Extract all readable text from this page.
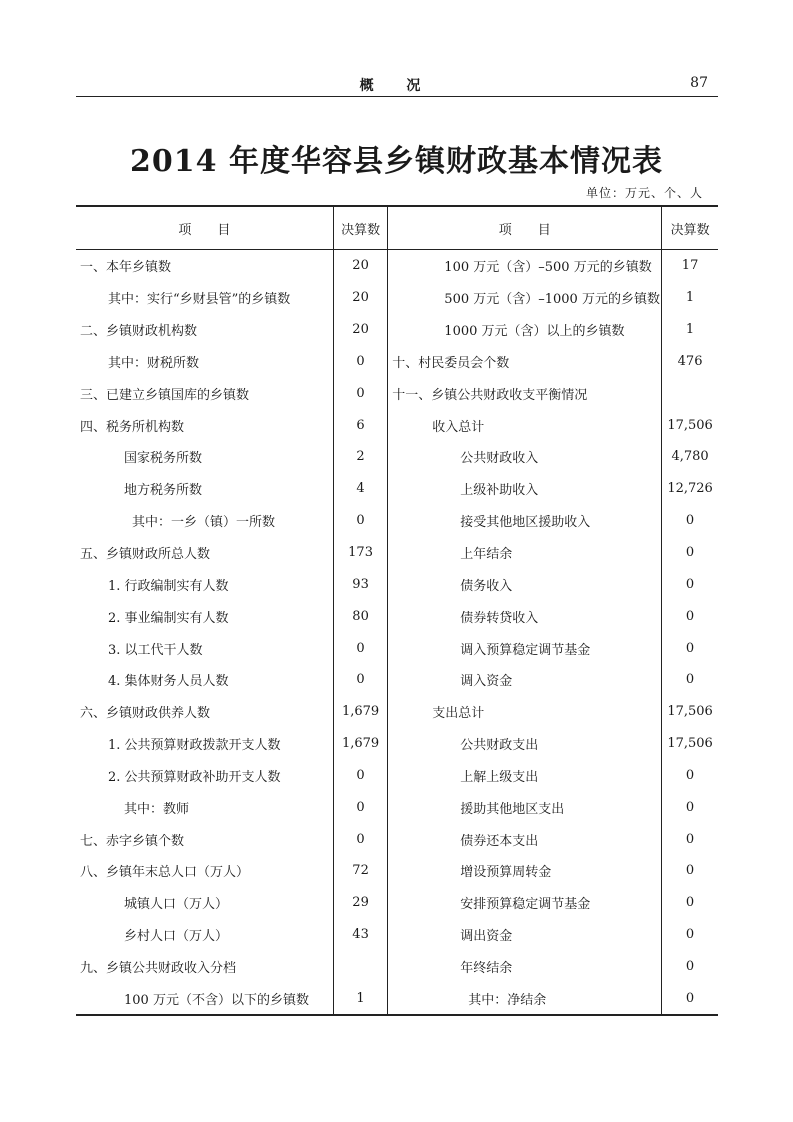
概 况	87
2014 年度华容县乡镇财政基本情况表
单位：万元、个、人
项　　目	决算数	项　　目	决算数
一、本年乡镇数	20	100 万元（含）–500 万元的乡镇数	17
其中：实行“乡财县管”的乡镇数	20	500 万元（含）–1000 万元的乡镇数	1
二、乡镇财政机构数	20	1000 万元（含）以上的乡镇数	1
其中：财税所数	0	十、村民委员会个数	476
三、已建立乡镇国库的乡镇数	0	十一、乡镇公共财政收支平衡情况	
四、税务所机构数	6	收入总计	17,506
国家税务所数	2	公共财政收入	4,780
地方税务所数	4	上级补助收入	12,726
其中：一乡（镇）一所数	0	接受其他地区援助收入	0
五、乡镇财政所总人数	173	上年结余	0
1. 行政编制实有人数	93	债务收入	0
2. 事业编制实有人数	80	债券转贷收入	0
3. 以工代干人数	0	调入预算稳定调节基金	0
4. 集体财务人员人数	0	调入资金	0
六、乡镇财政供养人数	1,679	支出总计	17,506
1. 公共预算财政拨款开支人数	1,679	公共财政支出	17,506
2. 公共预算财政补助开支人数	0	上解上级支出	0
其中：教师	0	援助其他地区支出	0
七、赤字乡镇个数	0	债券还本支出	0
八、乡镇年末总人口（万人）	72	增设预算周转金	0
城镇人口（万人）	29	安排预算稳定调节基金	0
乡村人口（万人）	43	调出资金	0
九、乡镇公共财政收入分档		年终结余	0
100 万元（不含）以下的乡镇数	1	其中：净结余	0
